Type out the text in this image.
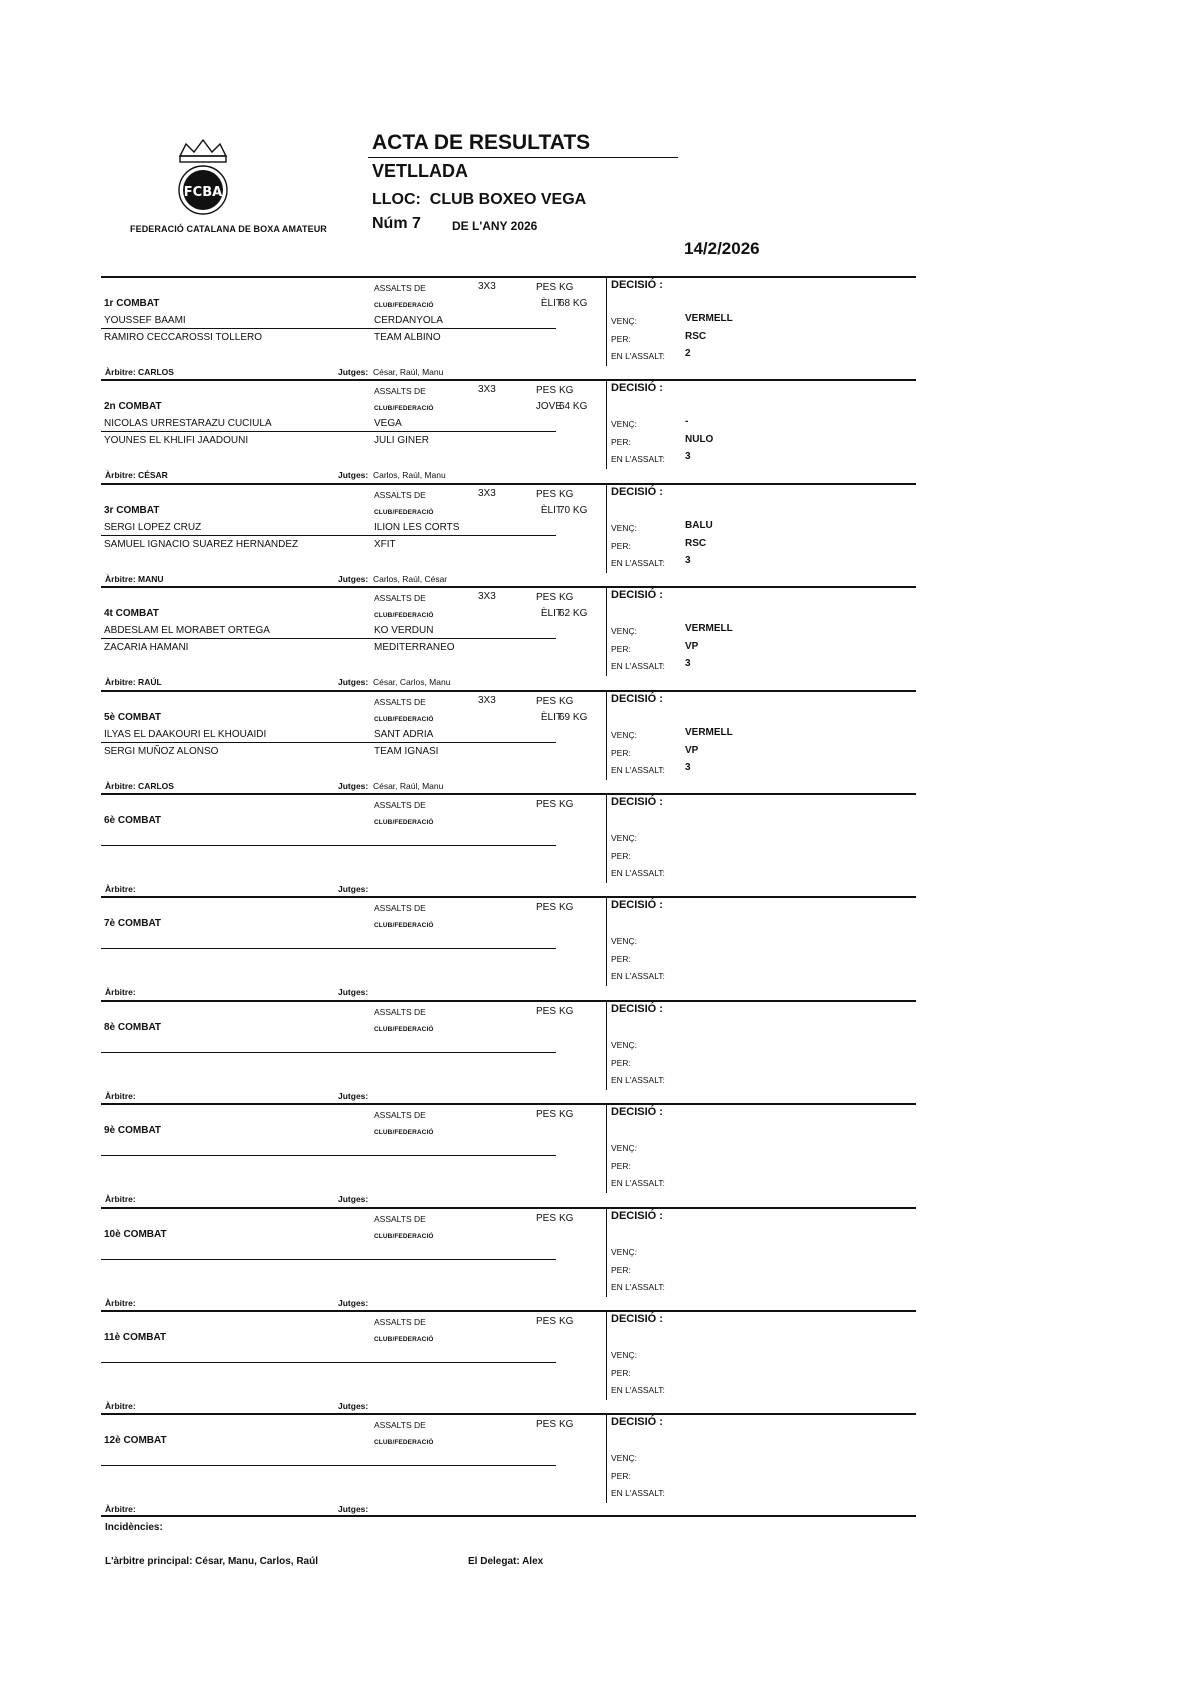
FCBA
FEDERACIÓ CATALANA DE BOXA AMATEUR
ACTA DE RESULTATS
VETLLADA
LLOC: CLUB BOXEO VEGA
Núm 7	DE L'ANY 2026
14/2/2026
ASSALTS DE	3X3	PES KG	DECISIÓ :
1r COMBAT	CLUB/FEDERACIÓ	ÈLIT
68 KG
YOUSSEF BAAMI	CERDANYOLA
RAMIRO CECCAROSSI TOLLERO	TEAM ALBINO
VENÇ:	VERMELL
PER:	RSC
EN L'ASSALT: 2
Àrbitre: CARLOS	Jutges: César, Raúl, Manu
ASSALTS DE	3X3	PES KG	DECISIÓ :
2n COMBAT	CLUB/FEDERACIÓ	JOVE
64 KG
NICOLAS URRESTARAZU CUCIULA	VEGA
YOUNES EL KHLIFI JAADOUNI	JULI GINER
VENÇ:	-
PER:	NULO
EN L'ASSALT: 3
Àrbitre: CÉSAR	Jutges: Carlos, Raúl, Manu
ASSALTS DE	3X3	PES KG	DECISIÓ :
3r COMBAT	CLUB/FEDERACIÓ	ÈLIT
70 KG
SERGI LOPEZ CRUZ	ILION LES CORTS
SAMUEL IGNACIO SUAREZ HERNANDEZ	XFIT
VENÇ:	BALU
PER:	RSC
EN L'ASSALT: 3
Àrbitre: MANU	Jutges: Carlos, Raúl, César
ASSALTS DE	3X3	PES KG	DECISIÓ :
4t COMBAT	CLUB/FEDERACIÓ	ÈLIT
62 KG
ABDESLAM EL MORABET ORTEGA	KO VERDUN
ZACARIA HAMANI	MEDITERRANEO
VENÇ:	VERMELL
PER:	VP
EN L'ASSALT: 3
Àrbitre: RAÚL	Jutges: César, Carlos, Manu
ASSALTS DE	3X3	PES KG	DECISIÓ :
5è COMBAT	CLUB/FEDERACIÓ	ÈLIT
69 KG
ILYAS EL DAAKOURI EL KHOUAIDI	SANT ADRIA
SERGI MUÑOZ ALONSO	TEAM IGNASI
VENÇ:	VERMELL
PER:	VP
EN L'ASSALT: 3
Àrbitre: CARLOS	Jutges: César, Raúl, Manu
ASSALTS DE	PES KG	DECISIÓ :
6è COMBAT	CLUB/FEDERACIÓ
VENÇ:
PER:
EN L'ASSALT:
Àrbitre:	Jutges:
ASSALTS DE	PES KG	DECISIÓ :
7è COMBAT	CLUB/FEDERACIÓ
VENÇ:
PER:
EN L'ASSALT:
Àrbitre:	Jutges:
ASSALTS DE	PES KG	DECISIÓ :
8è COMBAT	CLUB/FEDERACIÓ
VENÇ:
PER:
EN L'ASSALT:
Àrbitre:	Jutges:
ASSALTS DE	PES KG	DECISIÓ :
9è COMBAT	CLUB/FEDERACIÓ
VENÇ:
PER:
EN L'ASSALT:
Àrbitre:	Jutges:
ASSALTS DE	PES KG	DECISIÓ :
10è COMBAT	CLUB/FEDERACIÓ
VENÇ:
PER:
EN L'ASSALT:
Àrbitre:	Jutges:
ASSALTS DE	PES KG	DECISIÓ :
11è COMBAT	CLUB/FEDERACIÓ
VENÇ:
PER:
EN L'ASSALT:
Àrbitre:	Jutges:
ASSALTS DE	PES KG	DECISIÓ :
12è COMBAT	CLUB/FEDERACIÓ
VENÇ:
PER:
EN L'ASSALT:
Àrbitre:	Jutges:
Incidències:
L'àrbitre principal: César, Manu, Carlos, Raúl	El Delegat: Alex
